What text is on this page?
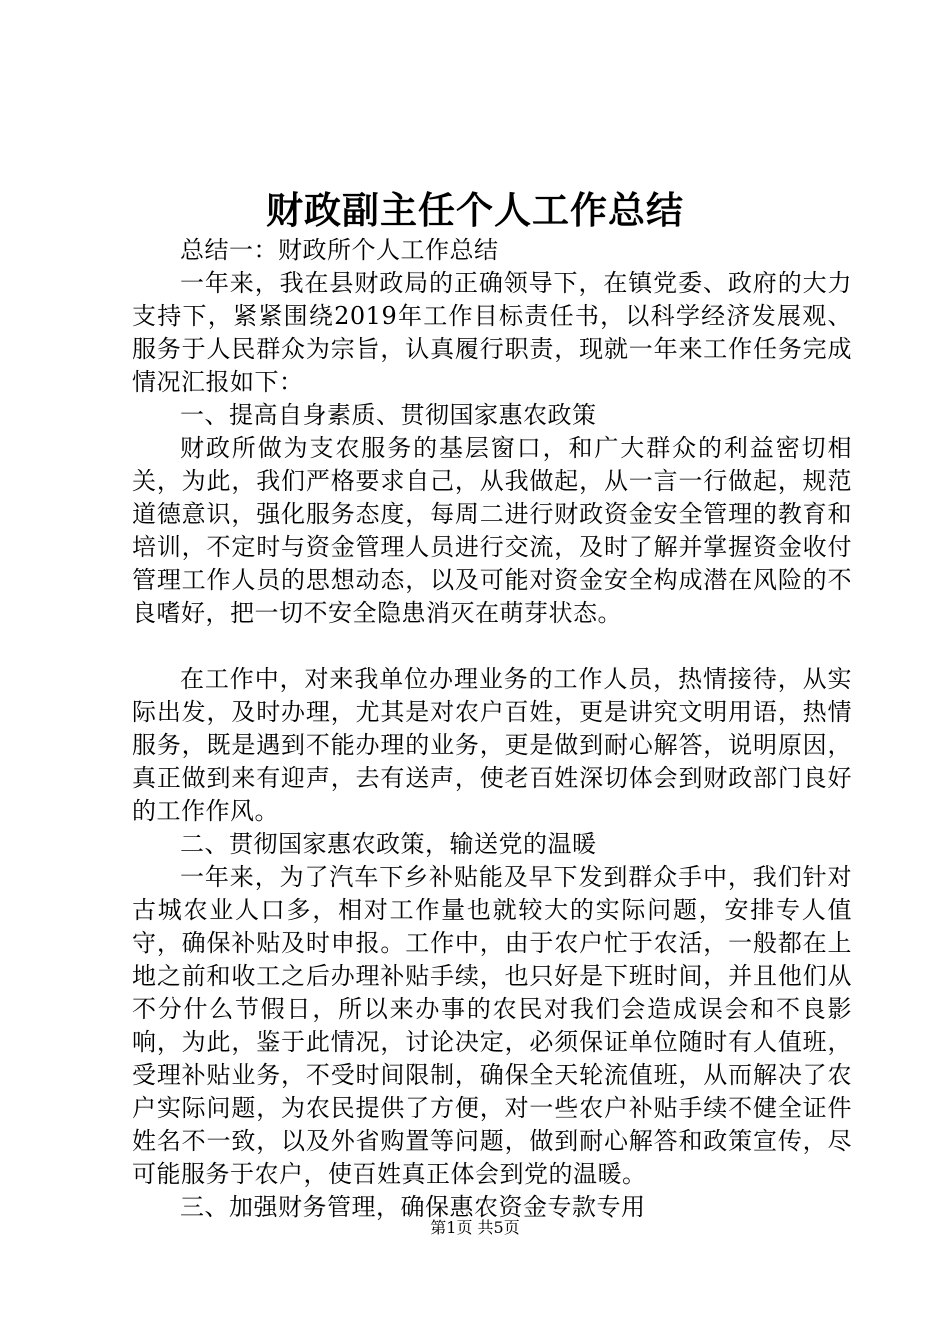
财政副主任个人工作总结

总结一：财政所个人工作总结

一年来，我在县财政局的正确领导下，在镇党委、政府的大力支持下，紧紧围绕2019年工作目标责任书，以科学经济发展观、服务于人民群众为宗旨，认真履行职责，现就一年来工作任务完成情况汇报如下：

一、提高自身素质、贯彻国家惠农政策

财政所做为支农服务的基层窗口，和广大群众的利益密切相关，为此，我们严格要求自己，从我做起，从一言一行做起，规范道德意识，强化服务态度，每周二进行财政资金安全管理的教育和培训，不定时与资金管理人员进行交流，及时了解并掌握资金收付管理工作人员的思想动态，以及可能对资金安全构成潜在风险的不良嗜好，把一切不安全隐患消灭在萌芽状态。

在工作中，对来我单位办理业务的工作人员，热情接待，从实际出发，及时办理，尤其是对农户百姓，更是讲究文明用语，热情服务，既是遇到不能办理的业务，更是做到耐心解答，说明原因，真正做到来有迎声，去有送声，使老百姓深切体会到财政部门良好的工作作风。

二、贯彻国家惠农政策，输送党的温暖

一年来，为了汽车下乡补贴能及早下发到群众手中，我们针对古城农业人口多，相对工作量也就较大的实际问题，安排专人值守，确保补贴及时申报。工作中，由于农户忙于农活，一般都在上地之前和收工之后办理补贴手续，也只好是下班时间，并且他们从不分什么节假日，所以来办事的农民对我们会造成误会和不良影响，为此，鉴于此情况，讨论决定，必须保证单位随时有人值班，受理补贴业务，不受时间限制，确保全天轮流值班，从而解决了农户实际问题，为农民提供了方便，对一些农户补贴手续不健全证件姓名不一致，以及外省购置等问题，做到耐心解答和政策宣传，尽可能服务于农户，使百姓真正体会到党的温暖。

三、加强财务管理，确保惠农资金专款专用

第1页 共5页
